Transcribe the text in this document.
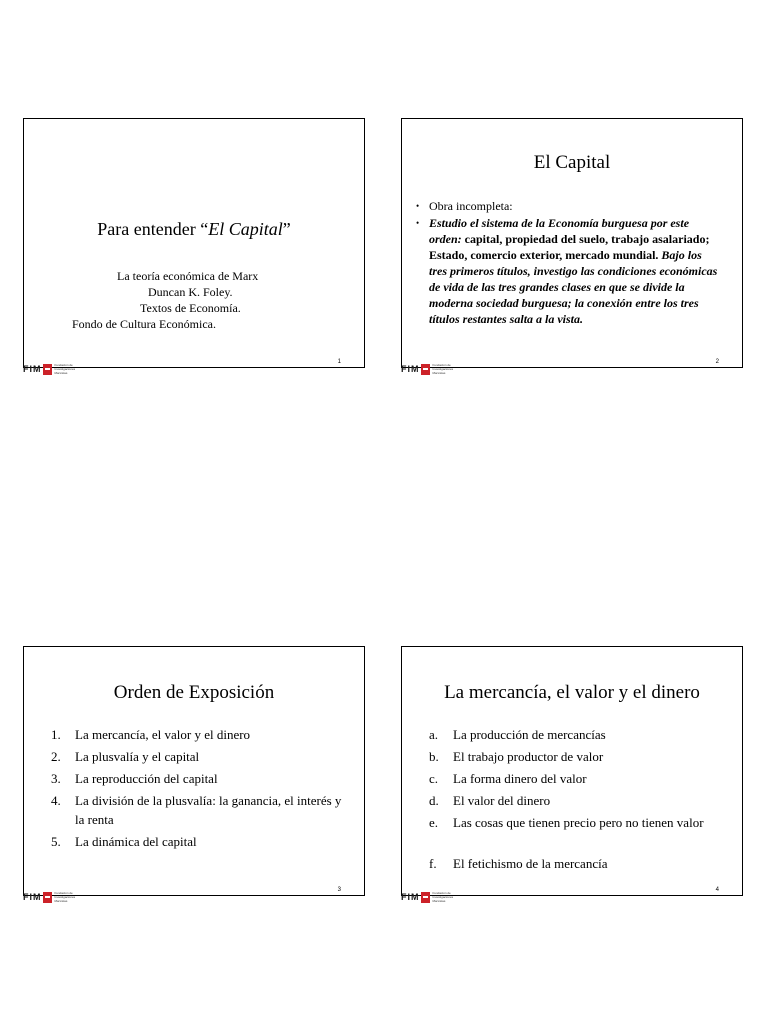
Para entender “El Capital”
La teoría económica de Marx
Duncan K. Foley.
Textos de Economía.
Fondo de Cultura Económica.
1
El Capital
• Obra incompleta:
• Estudio el sistema de la Economía burguesa por este orden: capital, propiedad del suelo, trabajo asalariado; Estado, comercio exterior, mercado mundial. Bajo los tres primeros títulos, investigo las condiciones económicas de vida de las tres grandes clases en que se divide la moderna sociedad burguesa; la conexión entre los tres títulos restantes salta a la vista.
2
Orden de Exposición
1. La mercancía, el valor y el dinero
2. La plusvalía y el capital
3. La reproducción del capital
4. La división de la plusvalía: la ganancia, el interés y la renta
5. La dinámica del capital
3
La mercancía, el valor y el dinero
a. La producción de mercancías
b. El trabajo productor de valor
c. La forma dinero del valor
d. El valor del dinero
e. Las cosas que tienen precio pero no tienen valor
f. El fetichismo de la mercancía
4
FIM	Fundación de
Investigaciones
Marxistas	FIM	Fundación de
Investigaciones
Marxistas
FIM	Fundación de
Investigaciones
Marxistas	FIM	Fundación de
Investigaciones
Marxistas
